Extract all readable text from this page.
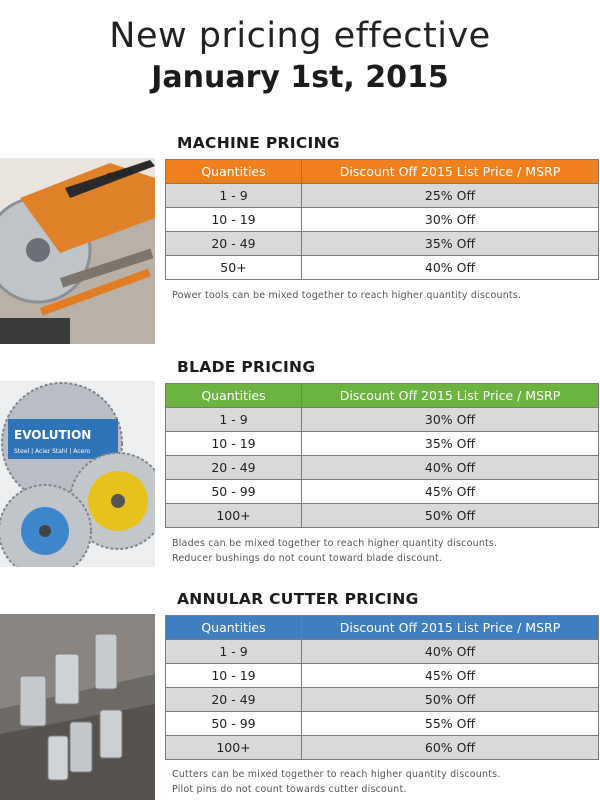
New pricing effective
January 1st, 2015
RAGE
MACHINE PRICING
Quantities	Discount Off 2015 List Price / MSRP
1 - 9	25% Off
10 - 19	30% Off
20 - 49	35% Off
50+	40% Off
Power tools can be mixed together to reach higher quantity discounts.
EVOLUTION
Steel | Acier Stahl | Acero
BLADE PRICING
Quantities	Discount Off 2015 List Price / MSRP
1 - 9	30% Off
10 - 19	35% Off
20 - 49	40% Off
50 - 99	45% Off
100+	50% Off
Blades can be mixed together to reach higher quantity discounts.
Reducer bushings do not count toward blade discount.
ANNULAR CUTTER PRICING
Quantities	Discount Off 2015 List Price / MSRP
1 - 9	40% Off
10 - 19	45% Off
20 - 49	50% Off
50 - 99	55% Off
100+	60% Off
Cutters can be mixed together to reach higher quantity discounts.
Pilot pins do not count towards cutter discount.
